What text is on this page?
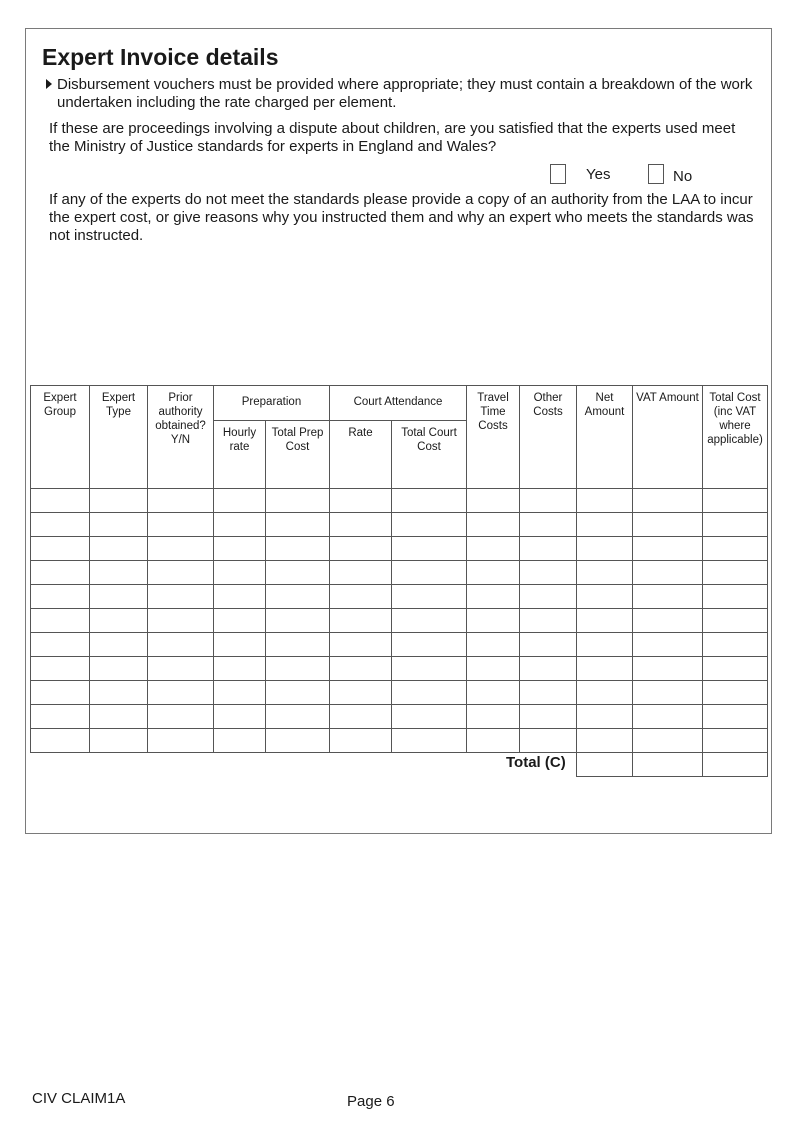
Expert Invoice details
Disbursement vouchers must be provided where appropriate; they must contain a breakdown of the work undertaken including the rate charged per element.
If these are proceedings involving a dispute about children, are you satisfied that the experts used meet the Ministry of Justice standards for experts in England and Wales?
Yes	No
If any of the experts do not meet the standards please provide a copy of an authority from the LAA to incur the expert cost, or give reasons why you instructed them and why an expert who meets the standards was not instructed.
Expert Group	Expert Type	Prior authority obtained? Y/N	Preparation		Court Attendance		Travel Time Costs	Other Costs	Net Amount	VAT Amount	Total Cost (inc VAT where applicable)
			Hourly rate	Total Prep Cost	Rate	Total Court Cost					

Total (C)
CIV CLAIM1A	Page 6
